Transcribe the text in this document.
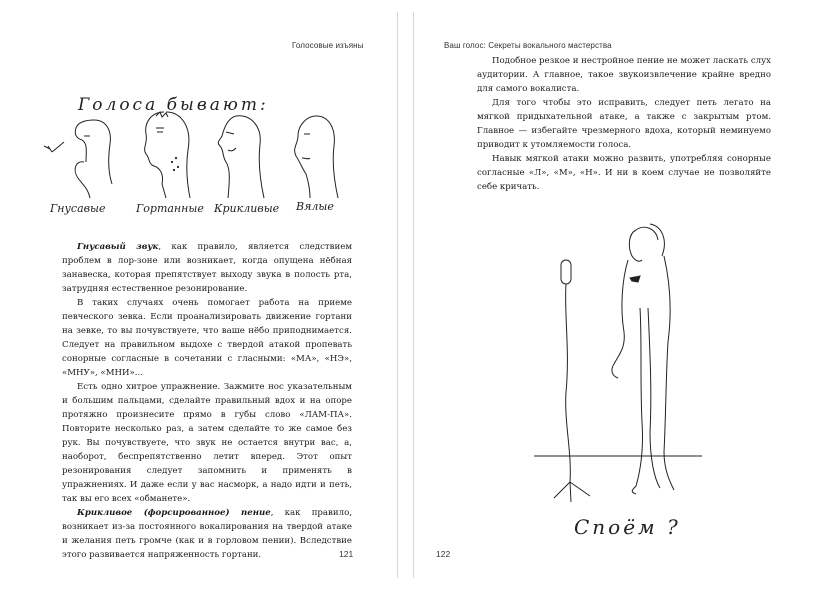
Голосовые изъяны
Голоса бывают:
Гнусавые	Гортанные Крикливые Вялые

Гнусавый звук, как правило, является следствием проблем в лор-зоне или возникает, когда опущена нёбная занавеска, которая препятствует выходу звука в полость рта, затрудняя естественное резонирование.

В таких случаях очень помогает работа на приеме певческого зевка. Если проанализировать движение гортани на зевке, то вы почувствуете, что ваше нёбо приподнимается. Следует на правильном выдохе с твердой атакой пропевать сонорные согласные в сочетании с гласными: «МА», «НЭ», «МНУ», «МНИ»...

Есть одно хитрое упражнение. Зажмите нос указательным и большим пальцами, сделайте правильный вдох и на опоре протяжно произнесите прямо в губы слово «ЛАМ-ПА». Повторите несколько раз, а затем сделайте то же самое без рук. Вы почувствуете, что звук не остается внутри вас, а, наоборот, беспрепятственно летит вперед. Этот опыт резонирования следует запомнить и применять в упражнениях. И даже если у вас насморк, а надо идти и петь, так вы его всех «обманете».

Крикливое (форсированное) пение, как правило, возникает из-за постоянного вокалирования на твердой атаке и желания петь громче (как и в горловом пении). Вследствие этого развивается напряженность гортани.	121
Ваш голос: Секреты вокального мастерства

Подобное резкое и нестройное пение не может ласкать слух аудитории. А главное, такое звукоизвлечение крайне вредно для самого вокалиста.

Для того чтобы это исправить, следует петь легато на мягкой придыхательной атаке, а также с закрытым ртом. Главное — избегайте чрезмерного вдоха, который неминуемо приводит к утомляемости голоса.

Навык мягкой атаки можно развить, употребляя сонорные согласные «Л», «М», «Н». И ни в коем случае не позволяйте себе кричать.

Споём ?
122
